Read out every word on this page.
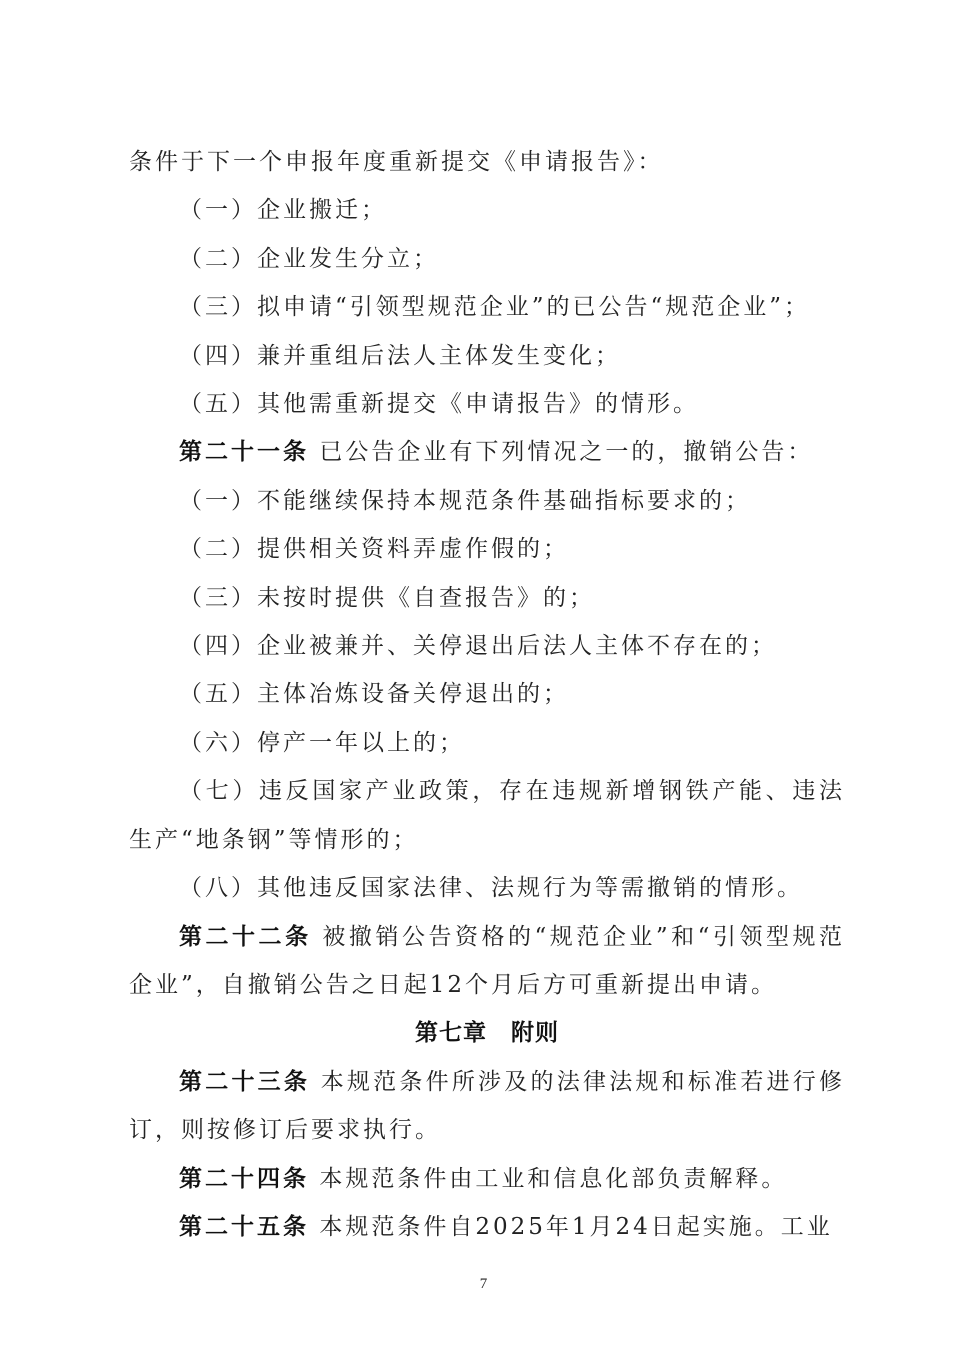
条件于下一个申报年度重新提交《申请报告》：

（一）企业搬迁；

（二）企业发生分立；

（三）拟申请“引领型规范企业”的已公告“规范企业”；

（四）兼并重组后法人主体发生变化；

（五）其他需重新提交《申请报告》的情形。

第二十一条 已公告企业有下列情况之一的，撤销公告：

（一）不能继续保持本规范条件基础指标要求的；

（二）提供相关资料弄虚作假的；

（三）未按时提供《自查报告》的；

（四）企业被兼并、关停退出后法人主体不存在的；

（五）主体冶炼设备关停退出的；

（六）停产一年以上的；

（七）违反国家产业政策，存在违规新增钢铁产能、违法生产“地条钢”等情形的；

（八）其他违反国家法律、法规行为等需撤销的情形。

第二十二条 被撤销公告资格的“规范企业”和“引领型规范企业”，自撤销公告之日起12个月后方可重新提出申请。

第七章　附则

第二十三条 本规范条件所涉及的法律法规和标准若进行修订，则按修订后要求执行。

第二十四条 本规范条件由工业和信息化部负责解释。

第二十五条 本规范条件自2025年1月24日起实施。工业

7
